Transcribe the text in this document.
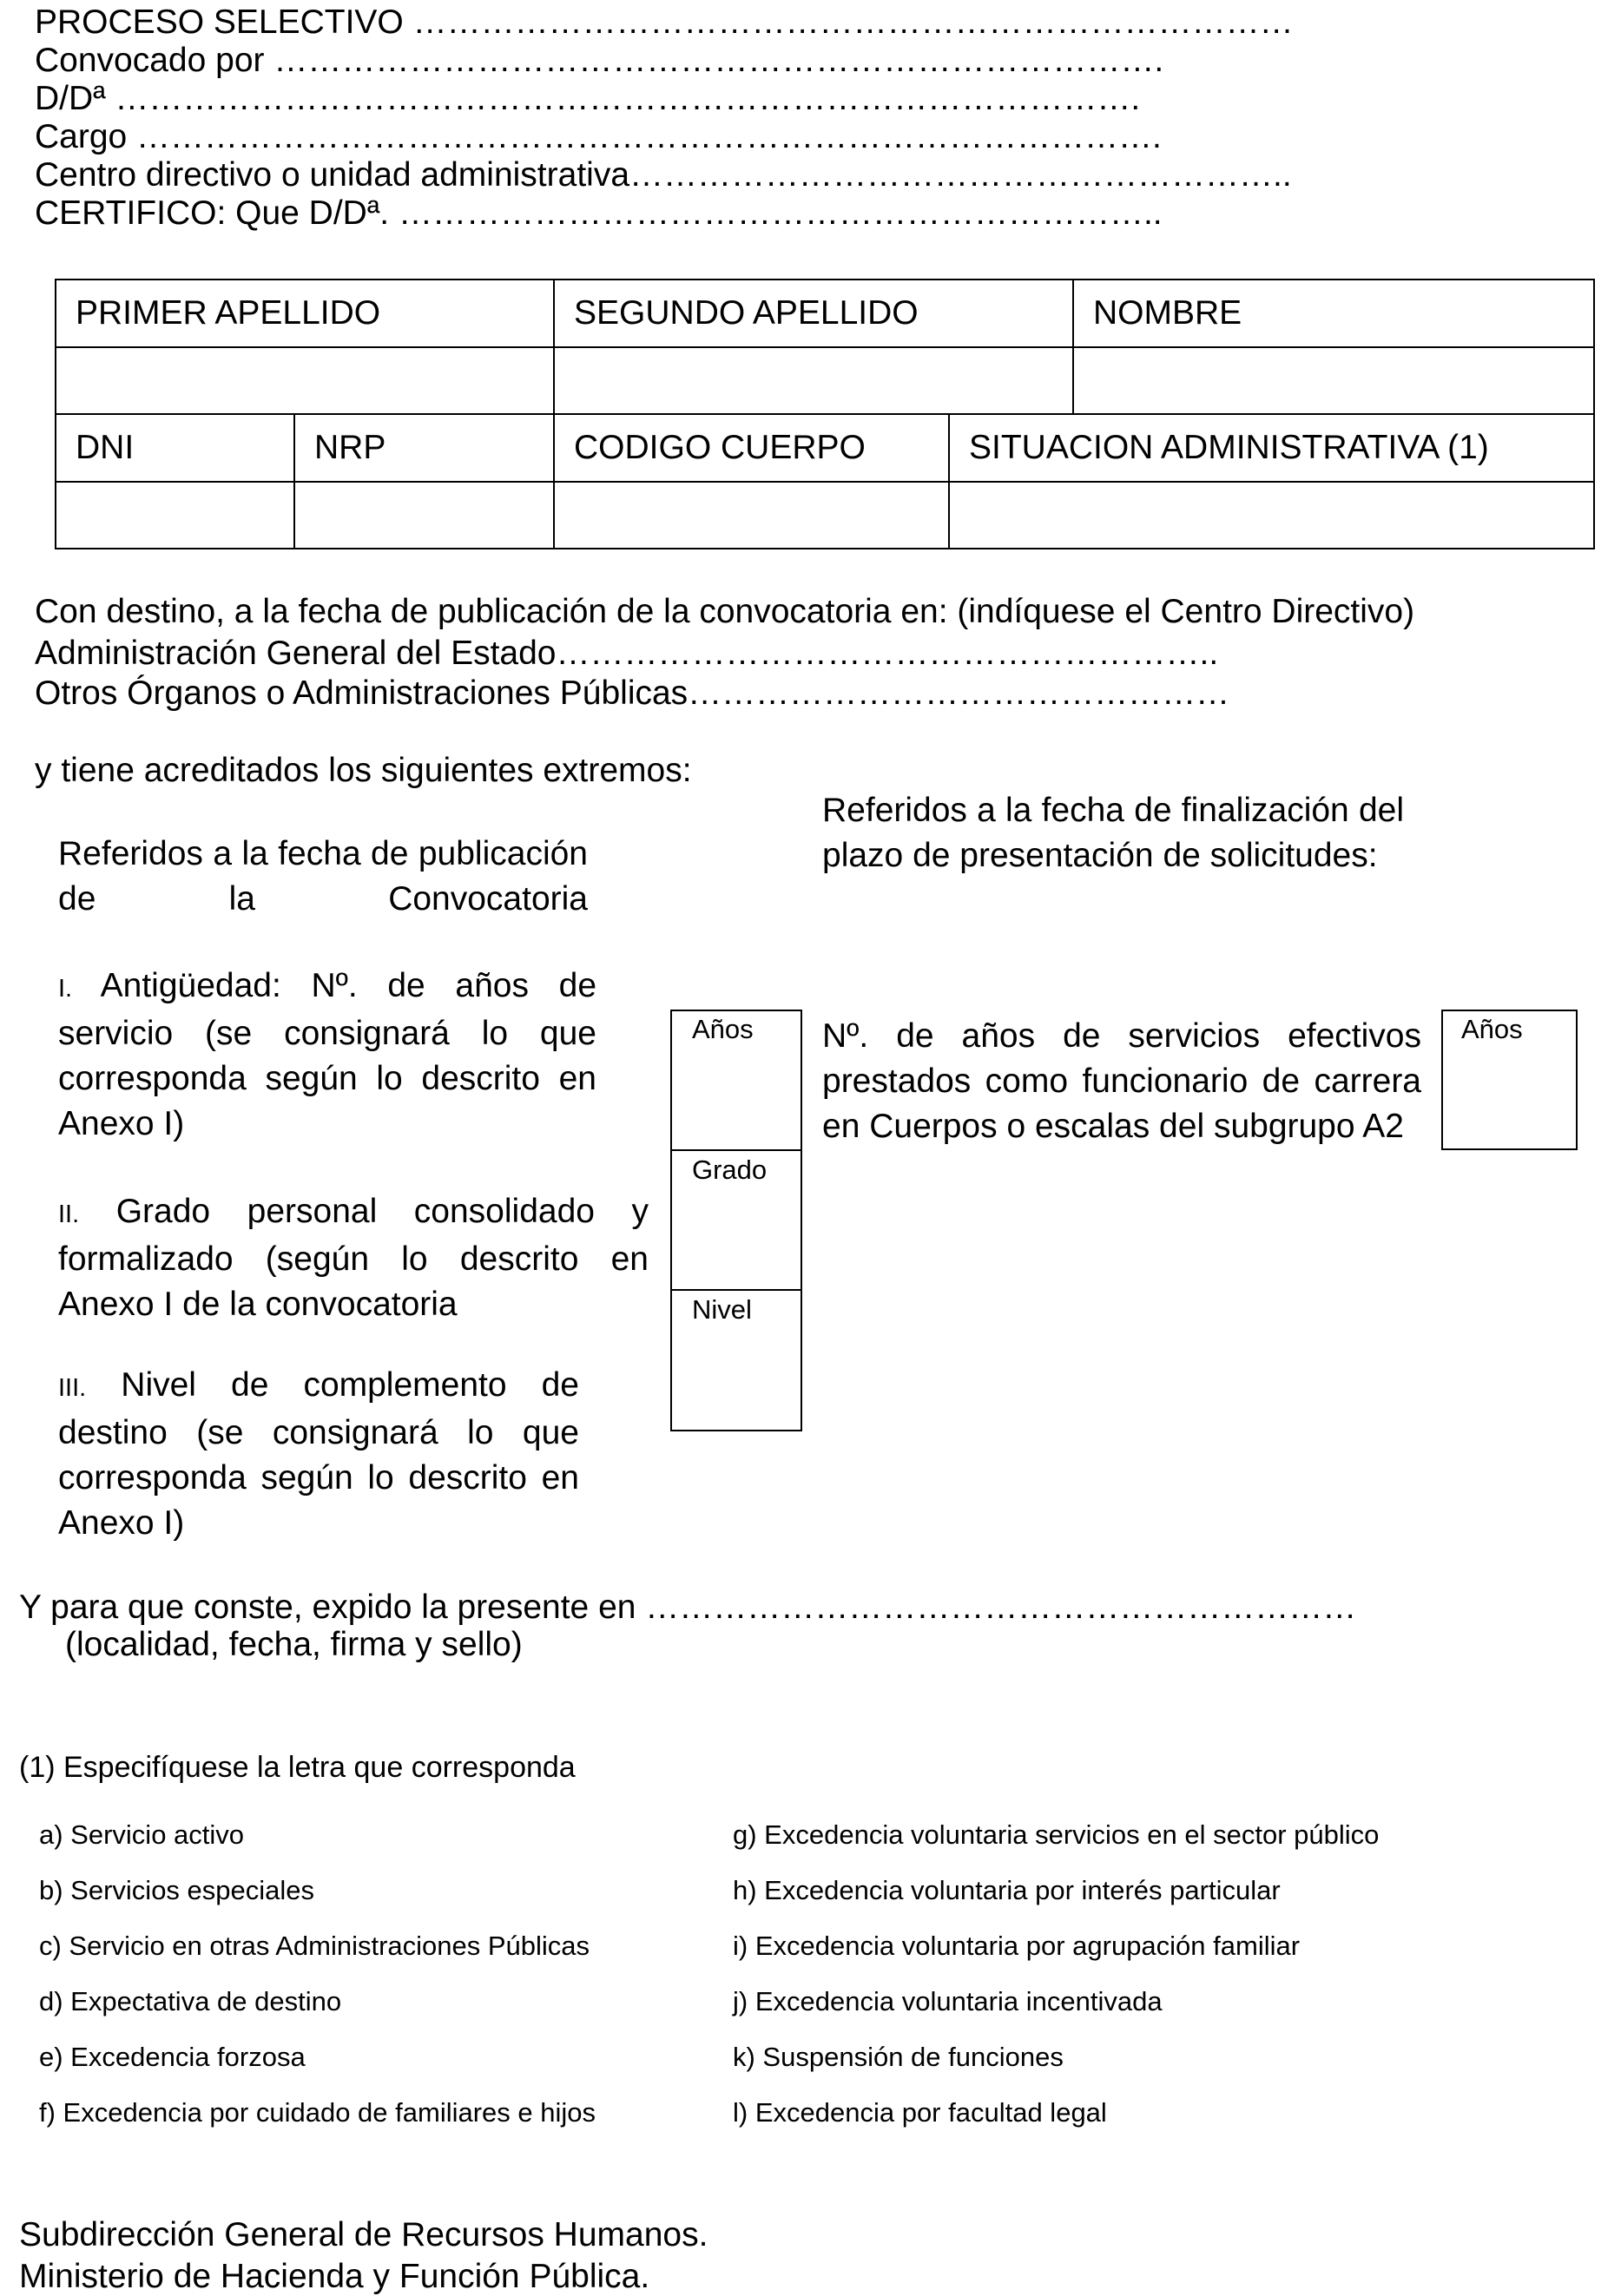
PROCESO SELECTIVO ……………………………………………………………………
Convocado por …………………………………………………………………….
D/Dª ……………………………………………………………………………….
Cargo ……………………………………………………………………………….
Centro directivo o unidad administrativa…………………………………………………..
CERTIFICO: Que D/Dª. …………………………………………………………..
PRIMER APELLIDO		SEGUNDO APELLIDO		NOMBRE

DNI	NRP	CODIGO CUERPO	SITUACION ADMINISTRATIVA (1)	

Con destino, a la fecha de publicación de la convocatoria en: (indíquese el Centro Directivo)
Administración General del Estado…………………………………………………..
Otros Órganos o Administraciones Públicas…………………………………………
y tiene acreditados los siguientes extremos:
Referidos a la fecha de publicación de la Convocatoria
Referidos a la fecha de finalización del plazo de presentación de solicitudes:
I. Antigüedad: Nº. de años de servicio (se consignará lo que corresponda según lo descrito en Anexo I)
II. Grado personal consolidado y formalizado (según lo descrito en Anexo I de la convocatoria
III. Nivel de complemento de destino (se consignará lo que corresponda según lo descrito en Anexo I)
Años
Grado
Nivel
Nº. de años de servicios efectivos prestados como funcionario de carrera en Cuerpos o escalas del subgrupo A2
Años
Y para que conste, expido la presente en ………………………………………………………
(localidad, fecha, firma y sello)
(1) Especifíquese la letra que corresponda
a) Servicio activo
b) Servicios especiales
c) Servicio en otras Administraciones Públicas
d) Expectativa de destino
e) Excedencia forzosa
f) Excedencia por cuidado de familiares e hijos
g) Excedencia voluntaria servicios en el sector público
h) Excedencia voluntaria por interés particular
i) Excedencia voluntaria por agrupación familiar
j) Excedencia voluntaria incentivada
k) Suspensión de funciones
l) Excedencia por facultad legal
Subdirección General de Recursos Humanos.
Ministerio de Hacienda y Función Pública.
